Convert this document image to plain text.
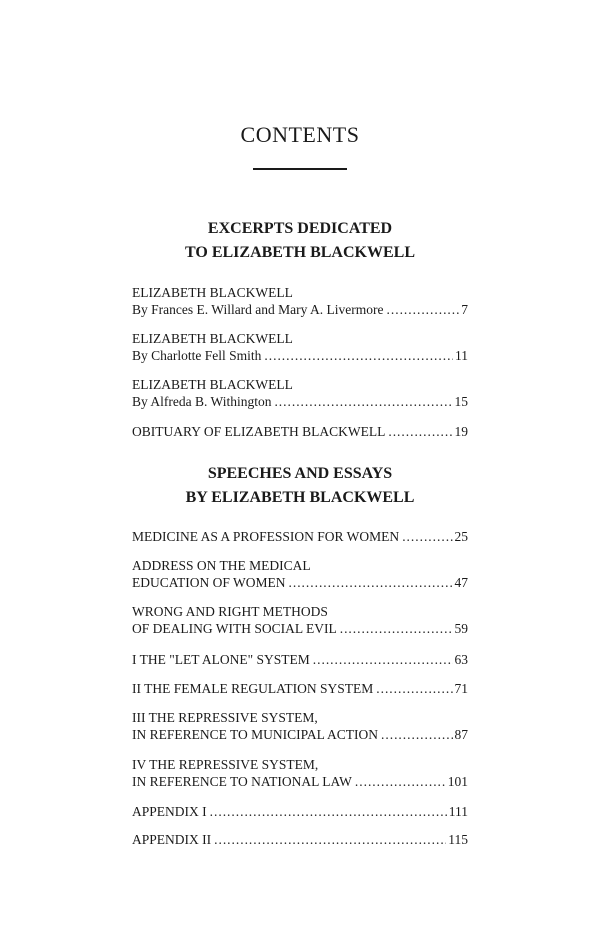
CONTENTS
EXCERPTS DEDICATED
TO ELIZABETH BLACKWELL
ELIZABETH BLACKWELL
By Frances E. Willard and Mary A. Livermore . . .	7
ELIZABETH BLACKWELL
By Charlotte Fell Smith . . .	11
ELIZABETH BLACKWELL
By Alfreda B. Withington . . .	15
OBITUARY OF ELIZABETH BLACKWELL . . .	19
SPEECHES AND ESSAYS
BY ELIZABETH BLACKWELL
MEDICINE AS A PROFESSION FOR WOMEN . . .	25
ADDRESS ON THE MEDICAL
EDUCATION OF WOMEN . . .	47
WRONG AND RIGHT METHODS
OF DEALING WITH SOCIAL EVIL . . .	59
I THE "LET ALONE" SYSTEM . . .	63
II THE FEMALE REGULATION SYSTEM . . .	71
III THE REPRESSIVE SYSTEM,
IN REFERENCE TO MUNICIPAL ACTION . . .	87
IV THE REPRESSIVE SYSTEM,
IN REFERENCE TO NATIONAL LAW . . .	101
APPENDIX I . . .	111
APPENDIX II . . .	115
